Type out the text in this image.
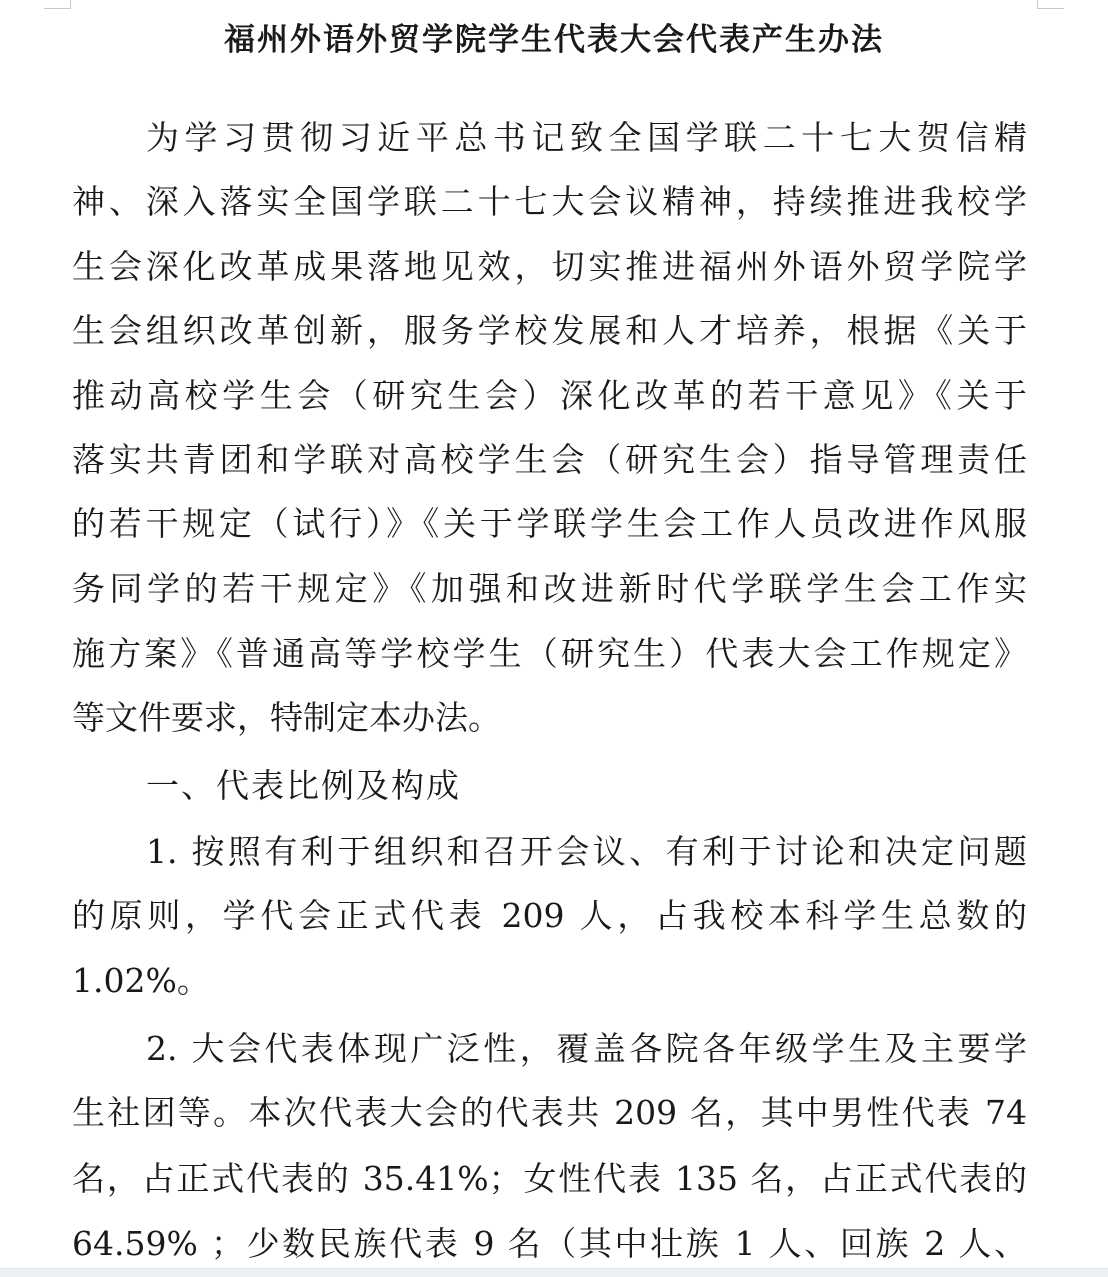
福州外语外贸学院学生代表大会代表产生办法
为学习贯彻习近平总书记致全国学联二十七大贺信精
神、深入落实全国学联二十七大会议精神，持续推进我校学
生会深化改革成果落地见效，切实推进福州外语外贸学院学
生会组织改革创新，服务学校发展和人才培养，根据《关于
推动高校学生会（研究生会）深化改革的若干意见》《关于
落实共青团和学联对高校学生会（研究生会）指导管理责任
的若干规定（试行）》《关于学联学生会工作人员改进作风服
务同学的若干规定》《加强和改进新时代学联学生会工作实
施方案》《普通高等学校学生（研究生）代表大会工作规定》
等文件要求，特制定本办法。
一、代表比例及构成
1. 按照有利于组织和召开会议、有利于讨论和决定问题
的原则，学代会正式代表 209 人，占我校本科学生总数的
1.02%。
2. 大会代表体现广泛性，覆盖各院各年级学生及主要学
生社团等。本次代表大会的代表共 209 名，其中男性代表 74
名，占正式代表的 35.41%；女性代表 135 名，占正式代表的
64.59% ；少数民族代表 9 名（其中壮族 1 人、回族 2 人、
